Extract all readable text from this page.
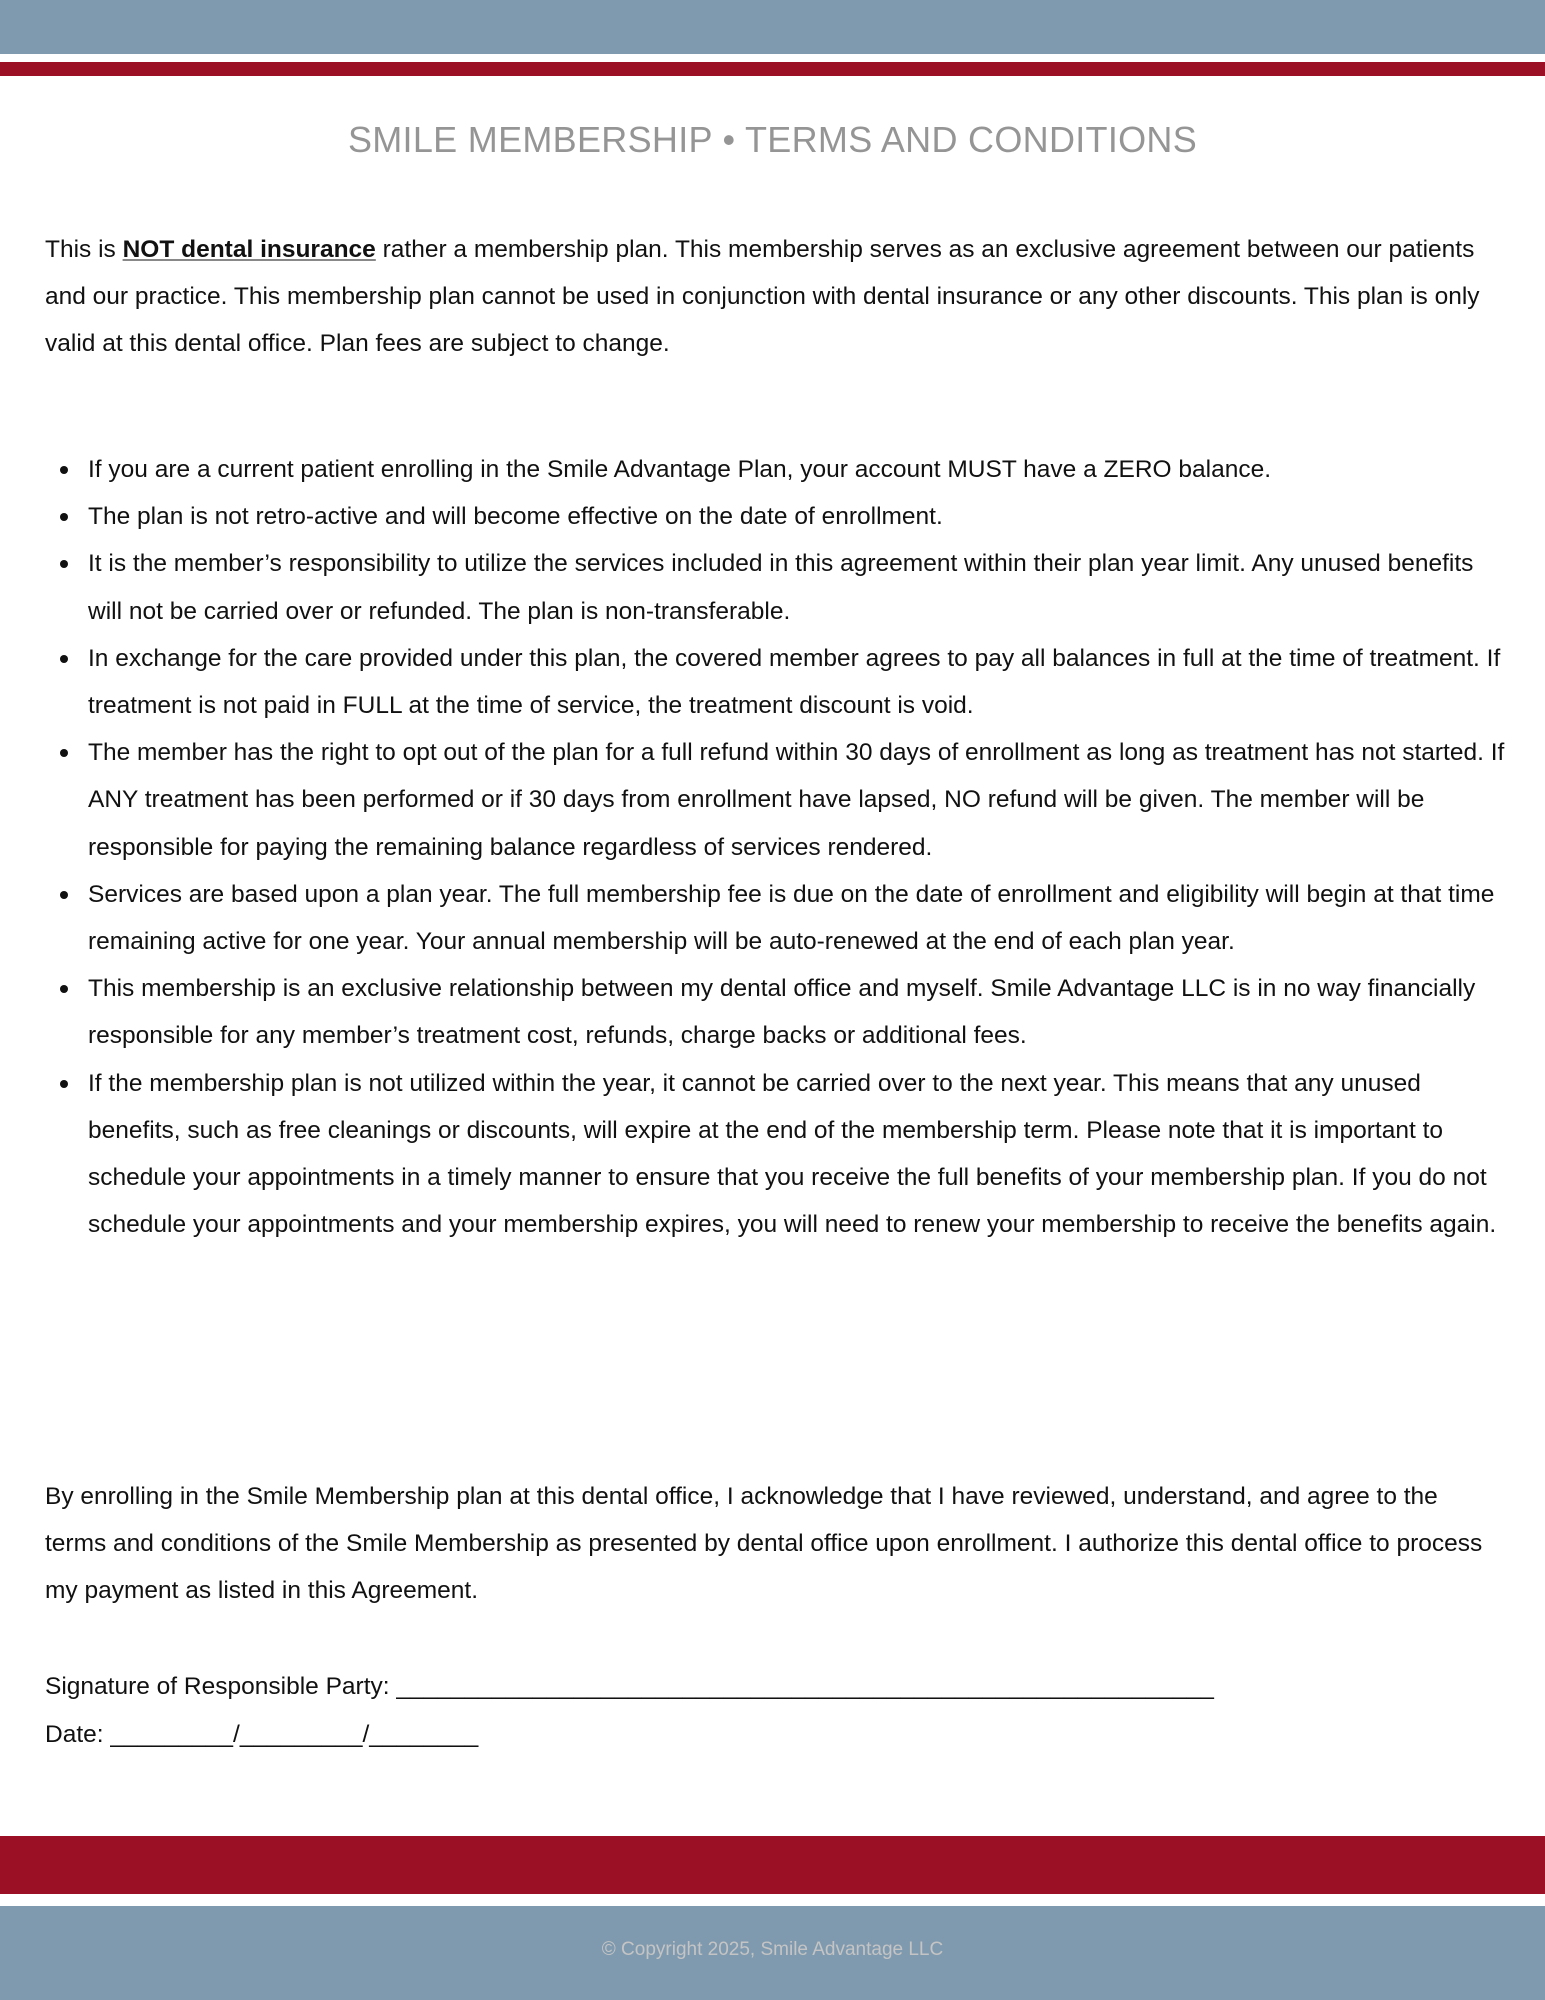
SMILE MEMBERSHIP • TERMS AND CONDITIONS

This is NOT dental insurance rather a membership plan. This membership serves as an exclusive agreement between our patients and our practice. This membership plan cannot be used in conjunction with dental insurance or any other discounts. This plan is only valid at this dental office. Plan fees are subject to change.

If you are a current patient enrolling in the Smile Advantage Plan, your account MUST have a ZERO balance.
The plan is not retro-active and will become effective on the date of enrollment.
It is the member’s responsibility to utilize the services included in this agreement within their plan year limit. Any unused benefits will not be carried over or refunded. The plan is non-transferable.
In exchange for the care provided under this plan, the covered member agrees to pay all balances in full at the time of treatment. If treatment is not paid in FULL at the time of service, the treatment discount is void.
The member has the right to opt out of the plan for a full refund within 30 days of enrollment as long as treatment has not started. If ANY treatment has been performed or if 30 days from enrollment have lapsed, NO refund will be given. The member will be responsible for paying the remaining balance regardless of services rendered.
Services are based upon a plan year. The full membership fee is due on the date of enrollment and eligibility will begin at that time remaining active for one year. Your annual membership will be auto-renewed at the end of each plan year.
This membership is an exclusive relationship between my dental office and myself. Smile Advantage LLC is in no way financially responsible for any member’s treatment cost, refunds, charge backs or additional fees.
If the membership plan is not utilized within the year, it cannot be carried over to the next year. This means that any unused benefits, such as free cleanings or discounts, will expire at the end of the membership term. Please note that it is important to schedule your appointments in a timely manner to ensure that you receive the full benefits of your membership plan. If you do not schedule your appointments and your membership expires, you will need to renew your membership to receive the benefits again.

By enrolling in the Smile Membership plan at this dental office, I acknowledge that I have reviewed, understand, and agree to the terms and conditions of the Smile Membership as presented by dental office upon enrollment. I authorize this dental office to process my payment as listed in this Agreement.

Signature of Responsible Party: ____________________________________________________________
Date: _________/_________/________
© Copyright 2025, Smile Advantage LLC
